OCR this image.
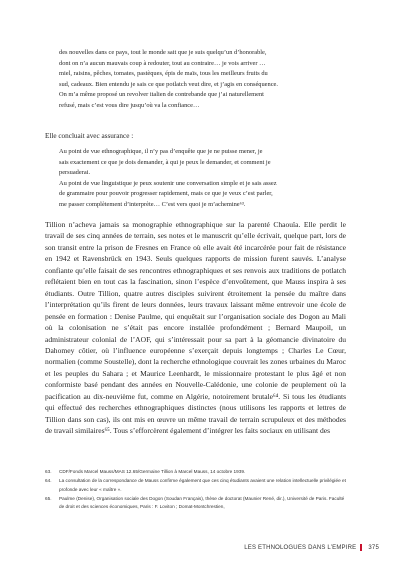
des nouvelles dans ce pays, tout le monde sait que je suis quelqu’un d’honorable,

dont on n’a aucun mauvais coup à redouter, tout au contraire… je vois arriver …

miel, raisins, pêches, tomates, pastèques, épis de maïs, tous les meilleurs fruits du

sud, cadeaux. Bien entendu je sais ce que potlatch veut dire, et j’agis en conséquence.

On m’a même proposé un revolver italien de contrebande que j’ai naturellement

refusé, mais c’est vous dire jusqu’où va la confiance…

Elle concluait avec assurance :

Au point de vue ethnographique, il n’y pas d’enquête que je ne puisse mener, je

sais exactement ce que je dois demander, à qui je peux le demander, et comment je

persuaderai.

Au point de vue linguistique je peux soutenir une conversation simple et je sais assez

de grammaire pour pouvoir progresser rapidement, mais ce que je veux c’est parler,

me passer complètement d’interprète… C’est vers quoi je m’achemine⁶³.

Tillion n’acheva jamais sa monographie ethnographique sur la parenté Chaouïa. Elle perdit le travail de ses cinq années de terrain, ses notes et le manuscrit qu’elle écrivait, quelque part, lors de son transit entre la prison de Fresnes en France où elle avait été incarcérée pour fait de résistance en 1942 et Ravensbrück en 1943. Seuls quelques rapports de mission furent sauvés. L’analyse confiante qu’elle faisait de ses rencontres ethnographiques et ses renvois aux traditions de potlatch reflétaient bien en tout cas la fascination, sinon l’espèce d’envoûtement, que Mauss inspira à ses étudiants. Outre Tillion, quatre autres disciples suivirent étroitement la pensée du maître dans l’interprétation qu’ils firent de leurs données, leurs travaux laissant même entrevoir une école de pensée en formation : Denise Paulme, qui enquêtait sur l’organisation sociale des Dogon au Mali où la colonisation ne s’était pas encore installée profondément ; Bernard Maupoil, un administrateur colonial de l’AOF, qui s’intéressait pour sa part à la géomancie divinatoire du Dahomey côtier, où l’influence européenne s’exerçait depuis longtemps ; Charles Le Cœur, normalien (comme Soustelle), dont la recherche ethnologique couvrait les zones urbaines du Maroc et les peuples du Sahara ; et Maurice Leenhardt, le missionnaire protestant le plus âgé et non conformiste basé pendant des années en Nouvelle-Calédonie, une colonie de peuplement où la pacification au dix-neuvième fut, comme en Algérie, notoirement brutale⁶⁴. Si tous les étudiants qui effectué des recherches ethnographiques distinctes (nous utilisons les rapports et lettres de Tillion dans son cas), ils ont mis en œuvre un même travail de terrain scrupuleux et des méthodes de travail similaires⁶⁵. Tous s’efforcèrent également d’intégrer les faits sociaux en utilisant des

63. CDF/Fonds Marcel Mauss/MAS 12.65/Germaine Tillion à Marcel Mauss, 14 octobre 1939.
64. La consultation de la correspondance de Mauss confirme également que ces cinq étudiants avaient une relation intellectuelle privilégiée et profonde avec leur « maître ».
65. Paulme (Denise), Organisation sociale des Dogon (Soudan Français), thèse de doctorat (Maunier René, dir.), Université de Paris. Faculté de droit et des sciences économiques, Paris : F. Loviton ; Domat-Montchrestien,
LES ETHNOLOGUES DANS L’EMPIRE 375
